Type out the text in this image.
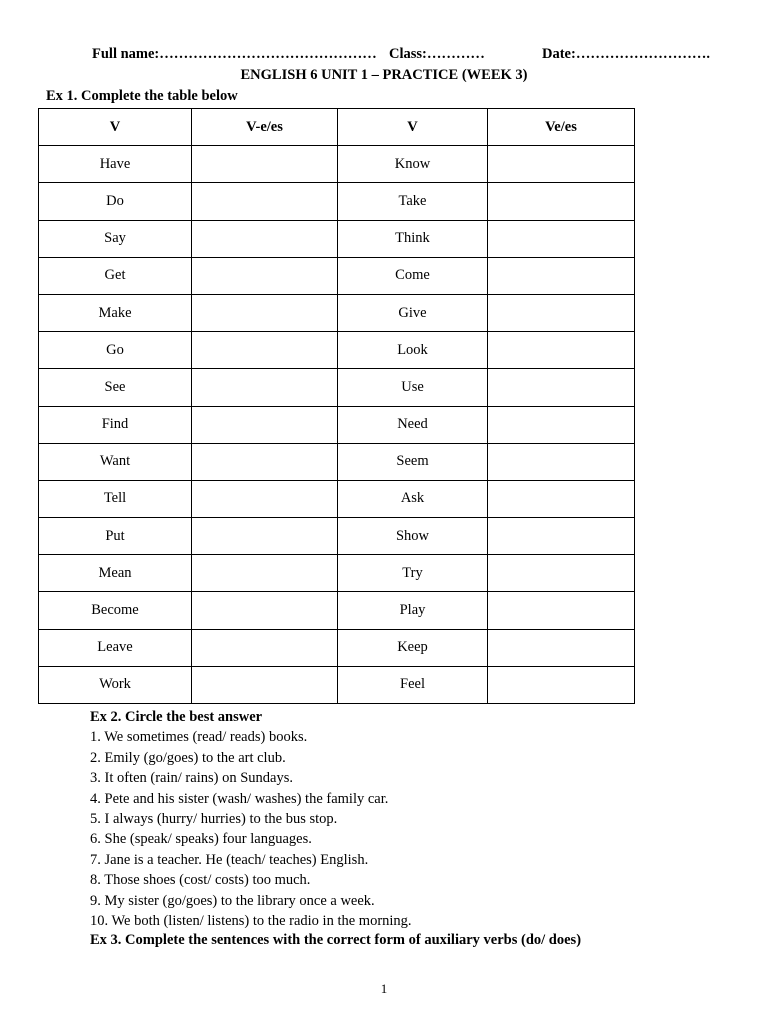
Full name:……………………………………… Class:…………	Date:……………………….
ENGLISH 6 UNIT 1 – PRACTICE (WEEK 3)
Ex 1. Complete the table below
V	V-e/es	V	Ve/es
Have		Know	
Do		Take	
Say		Think	
Get		Come	
Make		Give	
Go		Look	
See		Use	
Find		Need	
Want		Seem	
Tell		Ask	
Put		Show	
Mean		Try	
Become		Play	
Leave		Keep	
Work		Feel	
Ex 2. Circle the best answer
1. We sometimes (read/ reads) books.
2. Emily (go/goes) to the art club.
3. It often (rain/ rains) on Sundays.
4. Pete and his sister (wash/ washes) the family car.
5. I always (hurry/ hurries) to the bus stop.
6. She (speak/ speaks) four languages.
7. Jane is a teacher. He (teach/ teaches) English.
8. Those shoes (cost/ costs) too much.
9. My sister (go/goes) to the library once a week.
10. We both (listen/ listens) to the radio in the morning.
Ex 3. Complete the sentences with the correct form of auxiliary verbs (do/ does)
1
